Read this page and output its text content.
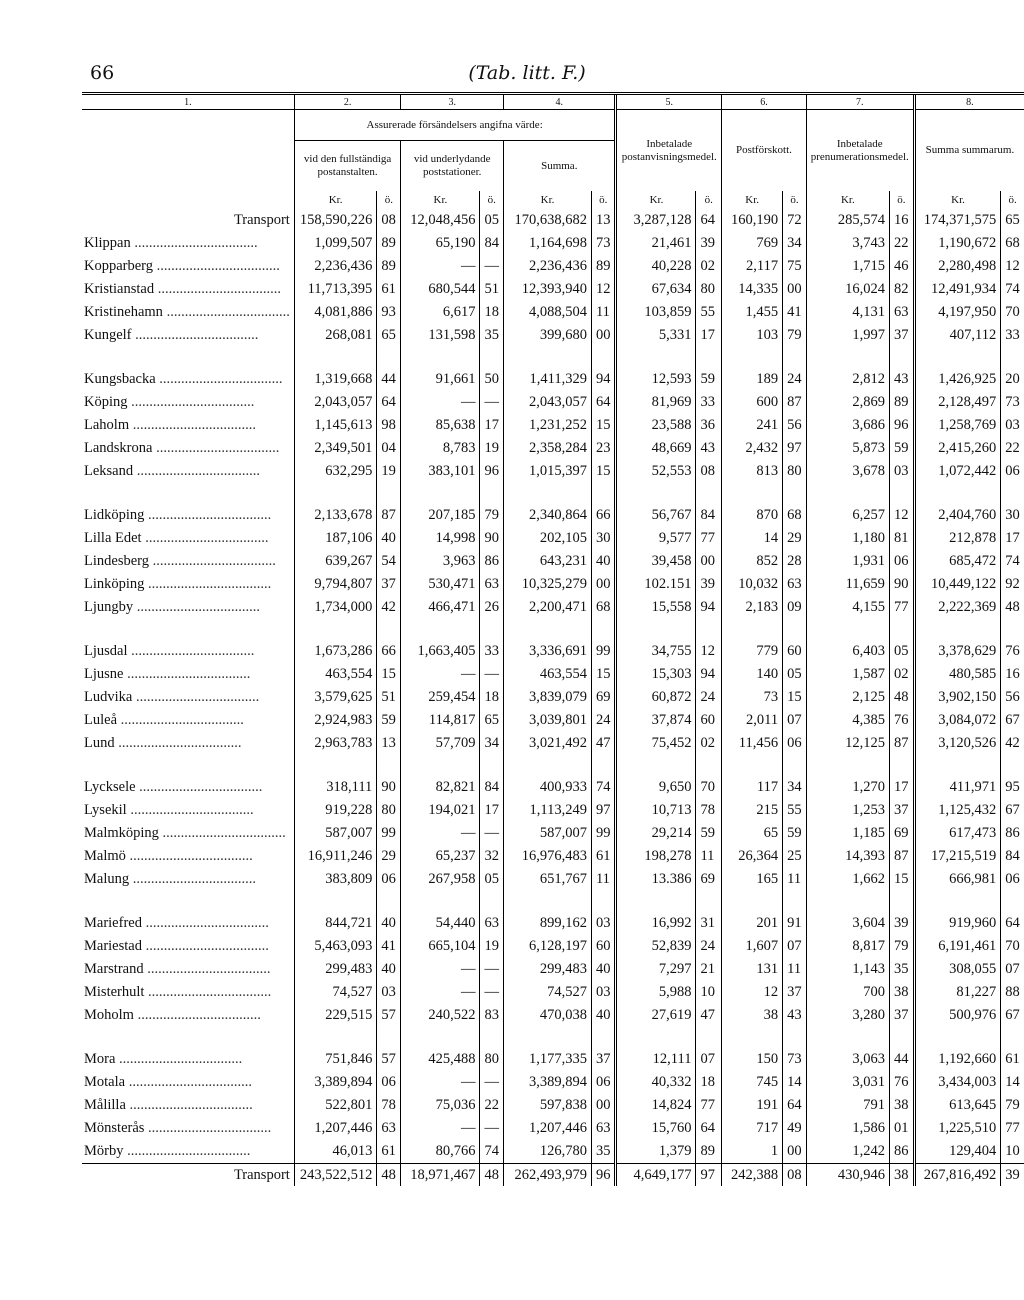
66	(Tab. litt. F.)
1.	2.		3.		4.		5.		6.		7.		8.	
	Assurerade försändelsers angifna värde:						Inbetalade postanvisningsmedel.		Postförskott.		Inbetalade prenumerationsmedel.		Summa summarum.	
	vid den fullständiga postanstalten.		vid underlydande poststationer.		Summa.									
	Kr.	ö.	Kr.	ö.	Kr.	ö.	Kr.	ö.	Kr.	ö.	Kr.	ö.	Kr.	ö.
Transport	158,590,226	08	12,048,456	05	170,638,682	13	3,287,128	64	160,190	72	285,574	16	174,371,575	65
Klippan ..................................	1,099,507	89	65,190	84	1,164,698	73	21,461	39	769	34	3,743	22	1,190,672	68
Kopparberg ..................................	2,236,436	89	—	—	2,236,436	89	40,228	02	2,117	75	1,715	46	2,280,498	12
Kristianstad ..................................	11,713,395	61	680,544	51	12,393,940	12	67,634	80	14,335	00	16,024	82	12,491,934	74
Kristinehamn ..................................	4,081,886	93	6,617	18	4,088,504	11	103,859	55	1,455	41	4,131	63	4,197,950	70
Kungelf ..................................	268,081	65	131,598	35	399,680	00	5,331	17	103	79	1,997	37	407,112	33

Kungsbacka ..................................	1,319,668	44	91,661	50	1,411,329	94	12,593	59	189	24	2,812	43	1,426,925	20
Köping ..................................	2,043,057	64	—	—	2,043,057	64	81,969	33	600	87	2,869	89	2,128,497	73
Laholm ..................................	1,145,613	98	85,638	17	1,231,252	15	23,588	36	241	56	3,686	96	1,258,769	03
Landskrona ..................................	2,349,501	04	8,783	19	2,358,284	23	48,669	43	2,432	97	5,873	59	2,415,260	22
Leksand ..................................	632,295	19	383,101	96	1,015,397	15	52,553	08	813	80	3,678	03	1,072,442	06

Lidköping ..................................	2,133,678	87	207,185	79	2,340,864	66	56,767	84	870	68	6,257	12	2,404,760	30
Lilla Edet ..................................	187,106	40	14,998	90	202,105	30	9,577	77	14	29	1,180	81	212,878	17
Lindesberg ..................................	639,267	54	3,963	86	643,231	40	39,458	00	852	28	1,931	06	685,472	74
Linköping ..................................	9,794,807	37	530,471	63	10,325,279	00	102.151	39	10,032	63	11,659	90	10,449,122	92
Ljungby ..................................	1,734,000	42	466,471	26	2,200,471	68	15,558	94	2,183	09	4,155	77	2,222,369	48

Ljusdal ..................................	1,673,286	66	1,663,405	33	3,336,691	99	34,755	12	779	60	6,403	05	3,378,629	76
Ljusne ..................................	463,554	15	—	—	463,554	15	15,303	94	140	05	1,587	02	480,585	16
Ludvika ..................................	3,579,625	51	259,454	18	3,839,079	69	60,872	24	73	15	2,125	48	3,902,150	56
Luleå ..................................	2,924,983	59	114,817	65	3,039,801	24	37,874	60	2,011	07	4,385	76	3,084,072	67
Lund ..................................	2,963,783	13	57,709	34	3,021,492	47	75,452	02	11,456	06	12,125	87	3,120,526	42

Lycksele ..................................	318,111	90	82,821	84	400,933	74	9,650	70	117	34	1,270	17	411,971	95
Lysekil ..................................	919,228	80	194,021	17	1,113,249	97	10,713	78	215	55	1,253	37	1,125,432	67
Malmköping ..................................	587,007	99	—	—	587,007	99	29,214	59	65	59	1,185	69	617,473	86
Malmö ..................................	16,911,246	29	65,237	32	16,976,483	61	198,278	11	26,364	25	14,393	87	17,215,519	84
Malung ..................................	383,809	06	267,958	05	651,767	11	13.386	69	165	11	1,662	15	666,981	06

Mariefred ..................................	844,721	40	54,440	63	899,162	03	16,992	31	201	91	3,604	39	919,960	64
Mariestad ..................................	5,463,093	41	665,104	19	6,128,197	60	52,839	24	1,607	07	8,817	79	6,191,461	70
Marstrand ..................................	299,483	40	—	—	299,483	40	7,297	21	131	11	1,143	35	308,055	07
Misterhult ..................................	74,527	03	—	—	74,527	03	5,988	10	12	37	700	38	81,227	88
Moholm ..................................	229,515	57	240,522	83	470,038	40	27,619	47	38	43	3,280	37	500,976	67

Mora ..................................	751,846	57	425,488	80	1,177,335	37	12,111	07	150	73	3,063	44	1,192,660	61
Motala ..................................	3,389,894	06	—	—	3,389,894	06	40,332	18	745	14	3,031	76	3,434,003	14
Målilla ..................................	522,801	78	75,036	22	597,838	00	14,824	77	191	64	791	38	613,645	79
Mönsterås ..................................	1,207,446	63	—	—	1,207,446	63	15,760	64	717	49	1,586	01	1,225,510	77
Mörby ..................................	46,013	61	80,766	74	126,780	35	1,379	89	1	00	1,242	86	129,404	10
Transport	243,522,512	48	18,971,467	48	262,493,979	96	4,649,177	97	242,388	08	430,946	38	267,816,492	39
